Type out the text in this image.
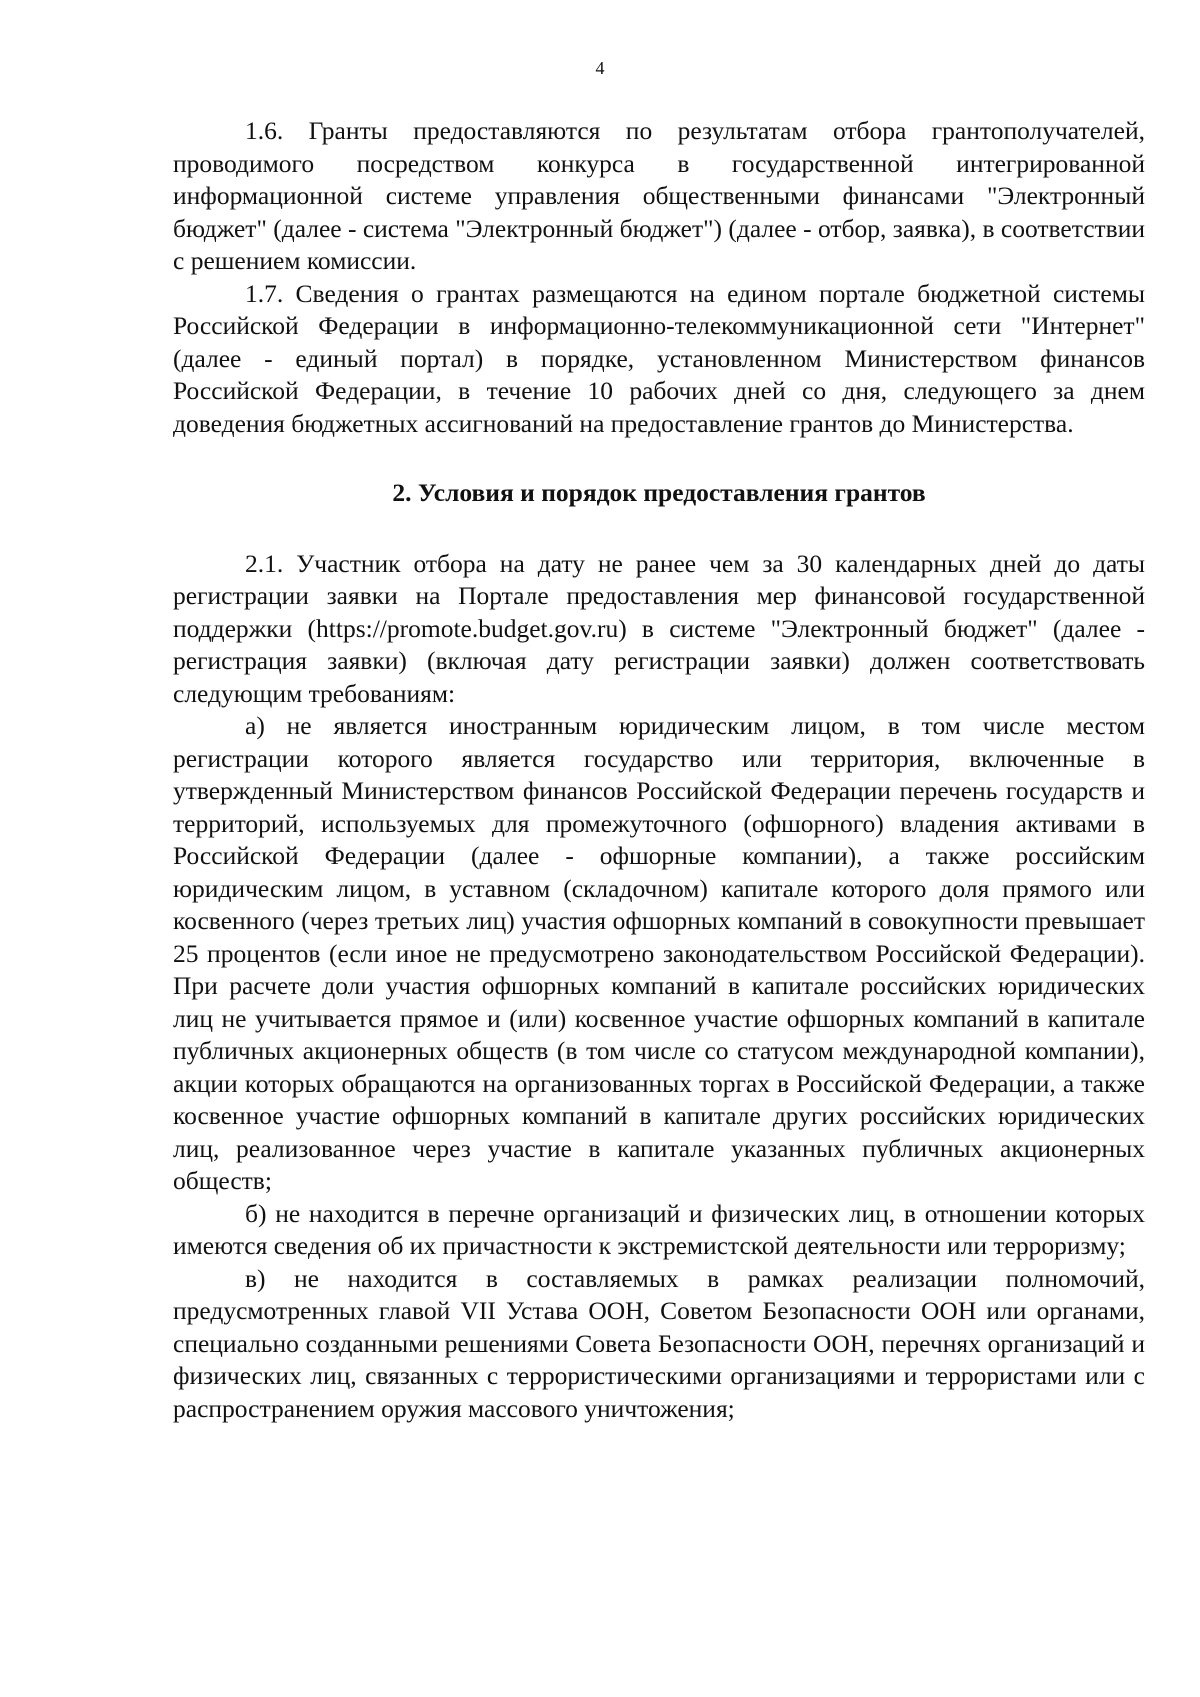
4

1.6. Гранты предоставляются по результатам отбора грантополучателей, проводимого посредством конкурса в государственной интегрированной информационной системе управления общественными финансами "Электронный бюджет" (далее - система "Электронный бюджет") (далее - отбор, заявка), в соответствии с решением комиссии.

1.7. Сведения о грантах размещаются на едином портале бюджетной системы Российской Федерации в информационно-телекоммуникационной сети "Интернет" (далее - единый портал) в порядке, установленном Министерством финансов Российской Федерации, в течение 10 рабочих дней со дня, следующего за днем доведения бюджетных ассигнований на предоставление грантов до Министерства.

2. Условия и порядок предоставления грантов

2.1. Участник отбора на дату не ранее чем за 30 календарных дней до даты регистрации заявки на Портале предоставления мер финансовой государственной поддержки (https://promote.budget.gov.ru) в системе "Электронный бюджет" (далее - регистрация заявки) (включая дату регистрации заявки) должен соответствовать следующим требованиям:

а) не является иностранным юридическим лицом, в том числе местом регистрации которого является государство или территория, включенные в утвержденный Министерством финансов Российской Федерации перечень государств и территорий, используемых для промежуточного (офшорного) владения активами в Российской Федерации (далее - офшорные компании), а также российским юридическим лицом, в уставном (складочном) капитале которого доля прямого или косвенного (через третьих лиц) участия офшорных компаний в совокупности превышает 25 процентов (если иное не предусмотрено законодательством Российской Федерации). При расчете доли участия офшорных компаний в капитале российских юридических лиц не учитывается прямое и (или) косвенное участие офшорных компаний в капитале публичных акционерных обществ (в том числе со статусом международной компании), акции которых обращаются на организованных торгах в Российской Федерации, а также косвенное участие офшорных компаний в капитале других российских юридических лиц, реализованное через участие в капитале указанных публичных акционерных обществ;

б) не находится в перечне организаций и физических лиц, в отношении которых имеются сведения об их причастности к экстремистской деятельности или терроризму;

в) не находится в составляемых в рамках реализации полномочий, предусмотренных главой VII Устава ООН, Советом Безопасности ООН или органами, специально созданными решениями Совета Безопасности ООН, перечнях организаций и физических лиц, связанных с террористическими организациями и террористами или с распространением оружия массового уничтожения;
